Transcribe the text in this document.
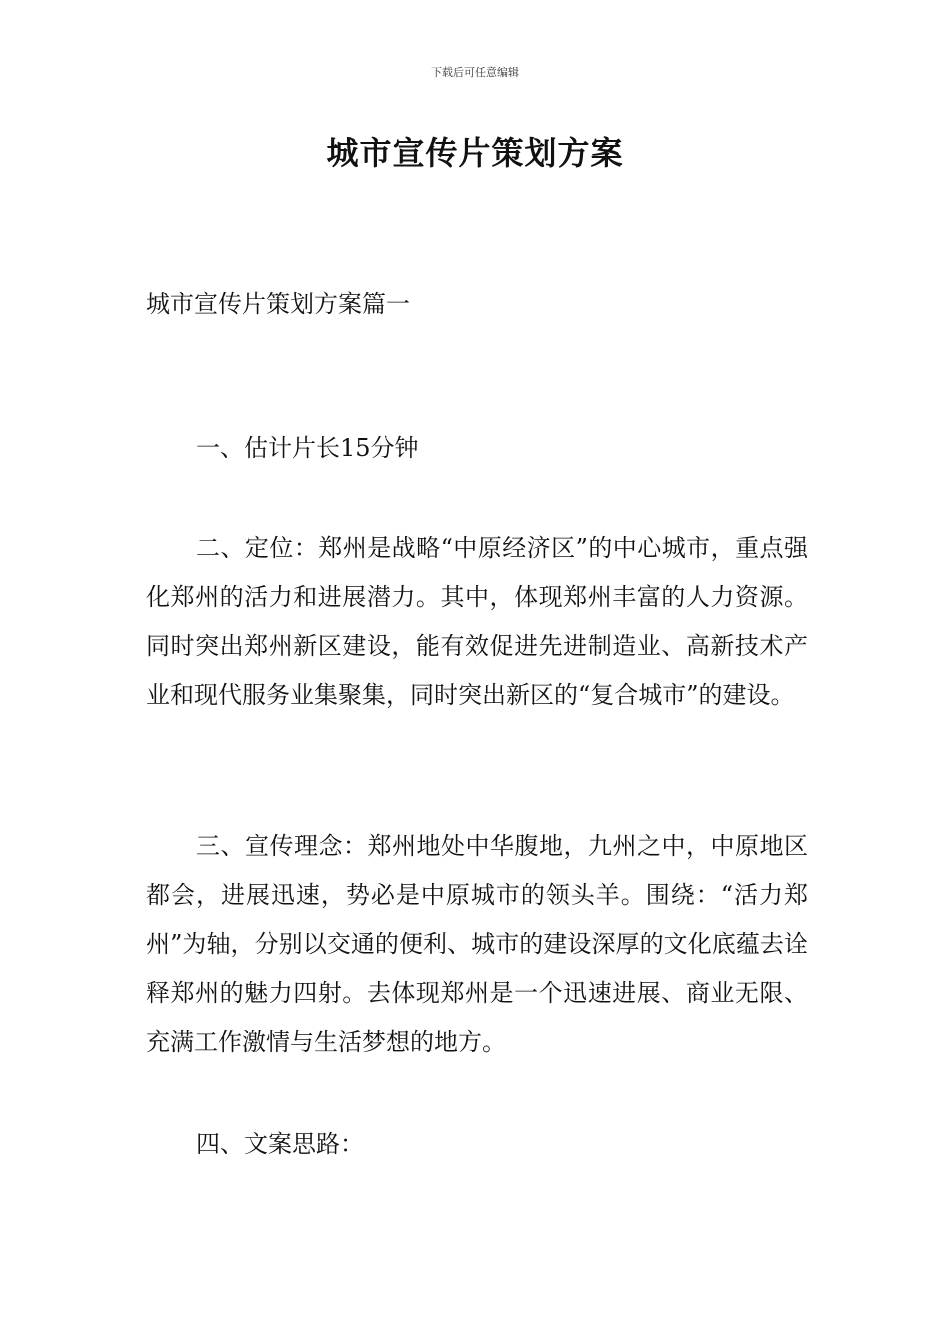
下载后可任意编辑
城市宣传片策划方案
城市宣传片策划方案篇一

一、估计片长15分钟

二、定位：郑州是战略“中原经济区”的中心城市，重点强化郑州的活力和进展潜力。其中，体现郑州丰富的人力资源。同时突出郑州新区建设，能有效促进先进制造业、高新技术产业和现代服务业集聚集，同时突出新区的“复合城市”的建设。

三、宣传理念：郑州地处中华腹地，九州之中，中原地区都会，进展迅速，势必是中原城市的领头羊。围绕：“活力郑州”为轴，分别以交通的便利、城市的建设深厚的文化底蕴去诠释郑州的魅力四射。去体现郑州是一个迅速进展、商业无限、充满工作激情与生活梦想的地方。

四、文案思路：
